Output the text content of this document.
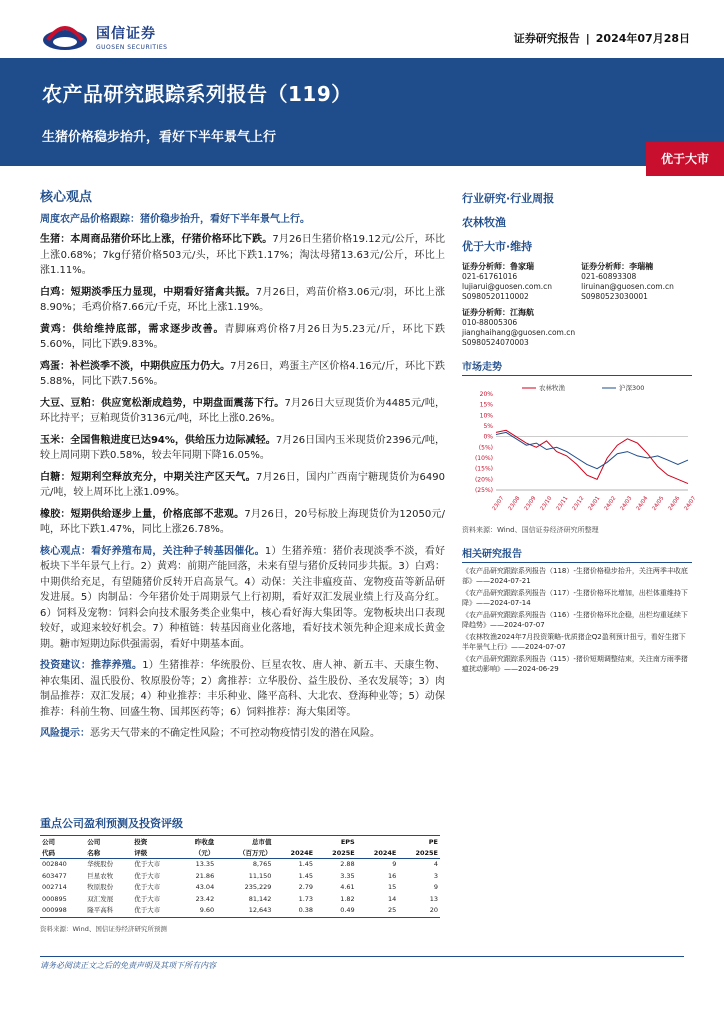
国信证券
GUOSEN SECURITIES
证券研究报告 | 2024年07月28日
农产品研究跟踪系列报告（119）
生猪价格稳步抬升，看好下半年景气上行
优于大市
核心观点
周度农产品价格跟踪：猪价稳步抬升，看好下半年景气上行。
生猪：本周商品猪价环比上涨，仔猪价格环比下跌。7月26日生猪价格19.12元/公斤，环比上涨0.68%；7kg仔猪价格503元/头，环比下跌1.17%；淘汰母猪13.63元/公斤，环比上涨1.11%。
白鸡：短期淡季压力显现，中期看好猪禽共振。7月26日，鸡苗价格3.06元/羽，环比上涨8.90%；毛鸡价格7.66元/千克，环比上涨1.19%。
黄鸡：供给维持底部，需求逐步改善。青脚麻鸡价格7月26日为5.23元/斤，环比下跌5.60%，同比下跌9.83%。
鸡蛋：补栏淡季不淡，中期供应压力仍大。7月26日，鸡蛋主产区价格4.16元/斤，环比下跌5.88%，同比下跌7.56%。
大豆、豆粕：供应宽松渐成趋势，中期盘面震荡下行。7月26日大豆现货价为4485元/吨，环比持平；豆粕现货价3136元/吨，环比上涨0.26%。
玉米：全国售粮进度已达94%，供给压力边际减轻。7月26日国内玉米现货价2396元/吨，较上周同期下跌0.58%，较去年同期下降16.05%。
白糖：短期利空释放充分，中期关注产区天气。7月26日，国内广西南宁糖现货价为6490元/吨，较上周环比上涨1.09%。
橡胶：短期供给逐步上量，价格底部不悲观。7月26日，20号标胶上海现货价为12050元/吨，环比下跌1.47%，同比上涨26.78%。
核心观点：看好养殖布局，关注种子转基因催化。1）生猪养殖：猪价表现淡季不淡，看好板块下半年景气上行。2）黄鸡：前期产能回落，未来有望与猪价反转同步共振。3）白鸡：中期供给充足，有望随猪价反转开启高景气。4）动保：关注非瘟疫苗、宠物疫苗等新品研发进展。5）肉制品：今年猪价处于周期景气上行初期，看好双汇发展业绩上行及高分红。6）饲料及宠物：饲料会向技术服务类企业集中，核心看好海大集团等。宠物板块出口表现较好，或迎来较好机会。7）种植链：转基因商业化落地，看好技术领先种企迎来成长黄金期。糖市短期边际供强需弱，看好中期基本面。
投资建议：推荐养殖。1）生猪推荐：华统股份、巨星农牧、唐人神、新五丰、天康生物、神农集团、温氏股份、牧原股份等；2）禽推荐：立华股份、益生股份、圣农发展等；3）肉制品推荐：双汇发展；4）种业推荐：丰乐种业、隆平高科、大北农、登海种业等；5）动保推荐：科前生物、回盛生物、国邦医药等；6）饲料推荐：海大集团等。
风险提示：恶劣天气带来的不确定性风险；不可控动物疫情引发的潜在风险。
行业研究·行业周报
农林牧渔
优于大市·维持
证券分析师：鲁家瑞
021-61761016
lujiarui@guosen.com.cn
S0980520110002
证券分析师：李瑞楠
021-60893308
liruinan@guosen.com.cn
S0980523030001
证券分析师：江海航
010-88005306
jianghaihang@guosen.com.cn
S0980524070003
市场走势
20%
15%
10%
5%
0%
(5%)
(10%)
(15%)
(20%)
(25%)
23/07 23/08 23/09 23/10 23/11 23/12 24/01 24/02 24/03 24/04 24/05 24/06 24/07
农林牧渔	沪深300
资料来源：Wind、国信证券经济研究所整理
相关研究报告
《农产品研究跟踪系列报告（118）-生猪价格稳步抬升，关注两季丰收底部》——2024-07-21
《农产品研究跟踪系列报告（117）-生猪价格环比增加，出栏体重维持下降》——2024-07-14
《农产品研究跟踪系列报告（116）-生猪价格环比企稳，出栏均重延续下降趋势》——2024-07-07
《农林牧渔2024年7月投资策略-优质猪企Q2盈利预计扭亏，看好生猪下半年景气上行》——2024-07-07
《农产品研究跟踪系列报告（115）-猪价短期调整结束，关注南方雨季猪瘟扰动影响》——2024-06-29
重点公司盈利预测及投资评级
公司	公司	投资	昨收盘	总市值	EPS		PE	
代码	名称	评级	（元）	（百万元）	2024E	2025E	2024E	2025E
002840	华统股份	优于大市	13.35	8,765	1.45	2.88	9	4
603477	巨星农牧	优于大市	21.86	11,150	1.45	3.35	16	3
002714	牧原股份	优于大市	43.04	235,229	2.79	4.61	15	9
000895	双汇发展	优于大市	23.42	81,142	1.73	1.82	14	13
000998	隆平高科	优于大市	9.60	12,643	0.38	0.49	25	20
资料来源：Wind、国信证券经济研究所预测
请务必阅读正文之后的免责声明及其项下所有内容
